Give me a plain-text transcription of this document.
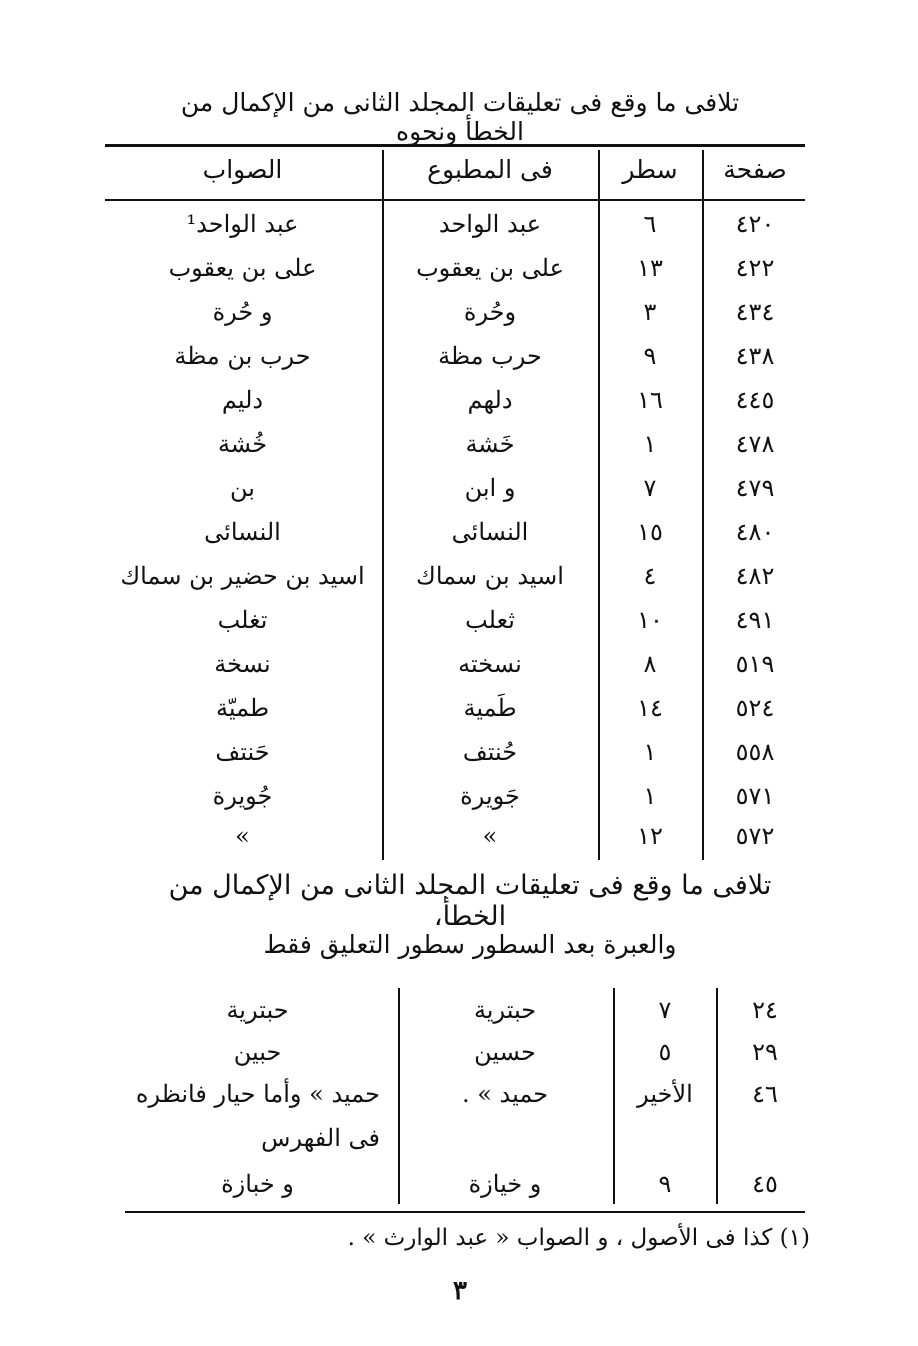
تلافى ما وقع فى تعليقات المجلد الثانى من الإكمال من الخطأ ونحوه
صفحة
سطر
فى المطبوع
الصواب
٤٢٠
٦
عبد الواحد
عبد الواحد¹
٤٢٢
١٣
على بن يعقوب
على بن يعقوب
٤٣٤
٣
وحُرة
و حُرة
٤٣٨
٩
حرب مظة
حرب بن مظة
٤٤٥
١٦
دلهم
دليم
٤٧٨
١
خَشة
خُشة
٤٧٩
٧
و ابن
بن
٤٨٠
١٥
النسائى
النسائى
٤٨٢
٤
اسيد بن سماك
اسيد بن حضير بن سماك
٤٩١
١٠
ثعلب
تغلب
٥١٩
٨
نسخته
نسخة
٥٢٤
١٤
طَمية
طميّة
٥٥٨
١
حُنتف
حَنتف
٥٧١
١
جَويرة
جُويرة
٥٧٢
١٢
»
»
تلافى ما وقع فى تعليقات المجلد الثانى من الإكمال من الخطأ،
والعبرة بعد السطور سطور التعليق فقط
٢٤
٧
حبترية
حبترية
٢٩
٥
حسين
حبين
٤٦
الأخير
حميد » .
حميد » وأما حيار فانظره فى الفهرس
٤٥
٩
و خيازة
و خبازة
(١) كذا فى الأصول ، و الصواب « عبد الوارث » .
٣
